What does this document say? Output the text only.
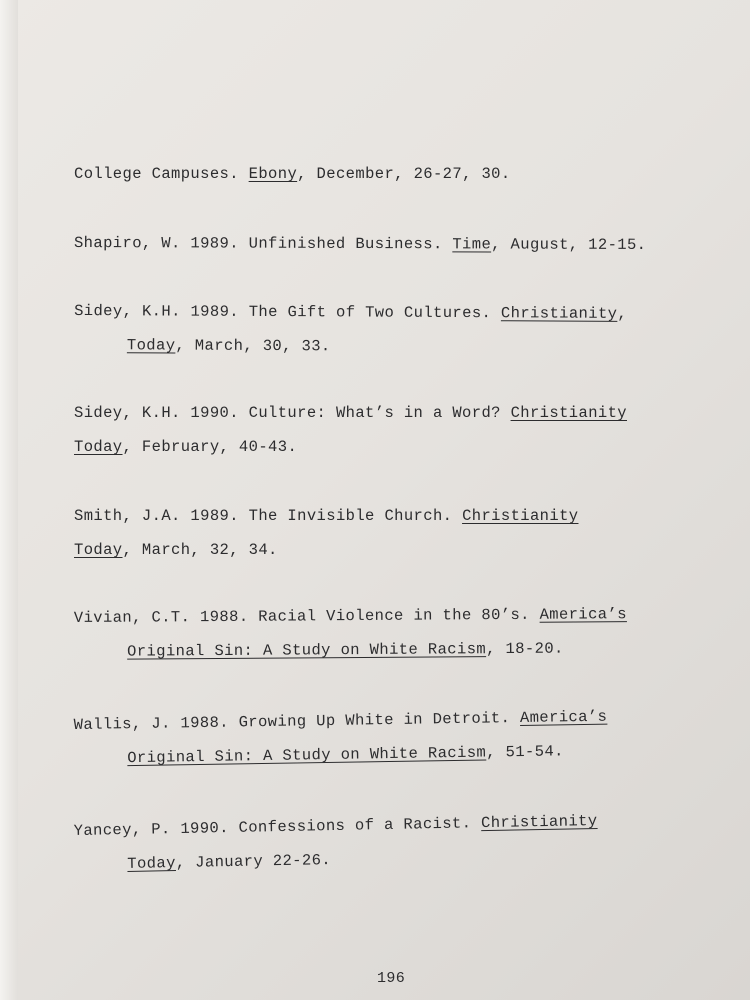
College Campuses. Ebony, December, 26-27, 30.
Shapiro, W. 1989. Unfinished Business. Time, August, 12-15.
Sidey, K.H. 1989. The Gift of Two Cultures. Christianity,
Today, March, 30, 33.
Sidey, K.H. 1990. Culture: What’s in a Word? Christianity
Today, February, 40-43.
Smith, J.A. 1989. The Invisible Church. Christianity
Today, March, 32, 34.
Vivian, C.T. 1988. Racial Violence in the 80’s. America’s
Original Sin: A Study on White Racism, 18-20.
Wallis, J. 1988. Growing Up White in Detroit. America’s
Original Sin: A Study on White Racism, 51-54.
Yancey, P. 1990. Confessions of a Racist. Christianity
Today, January 22-26.
196
